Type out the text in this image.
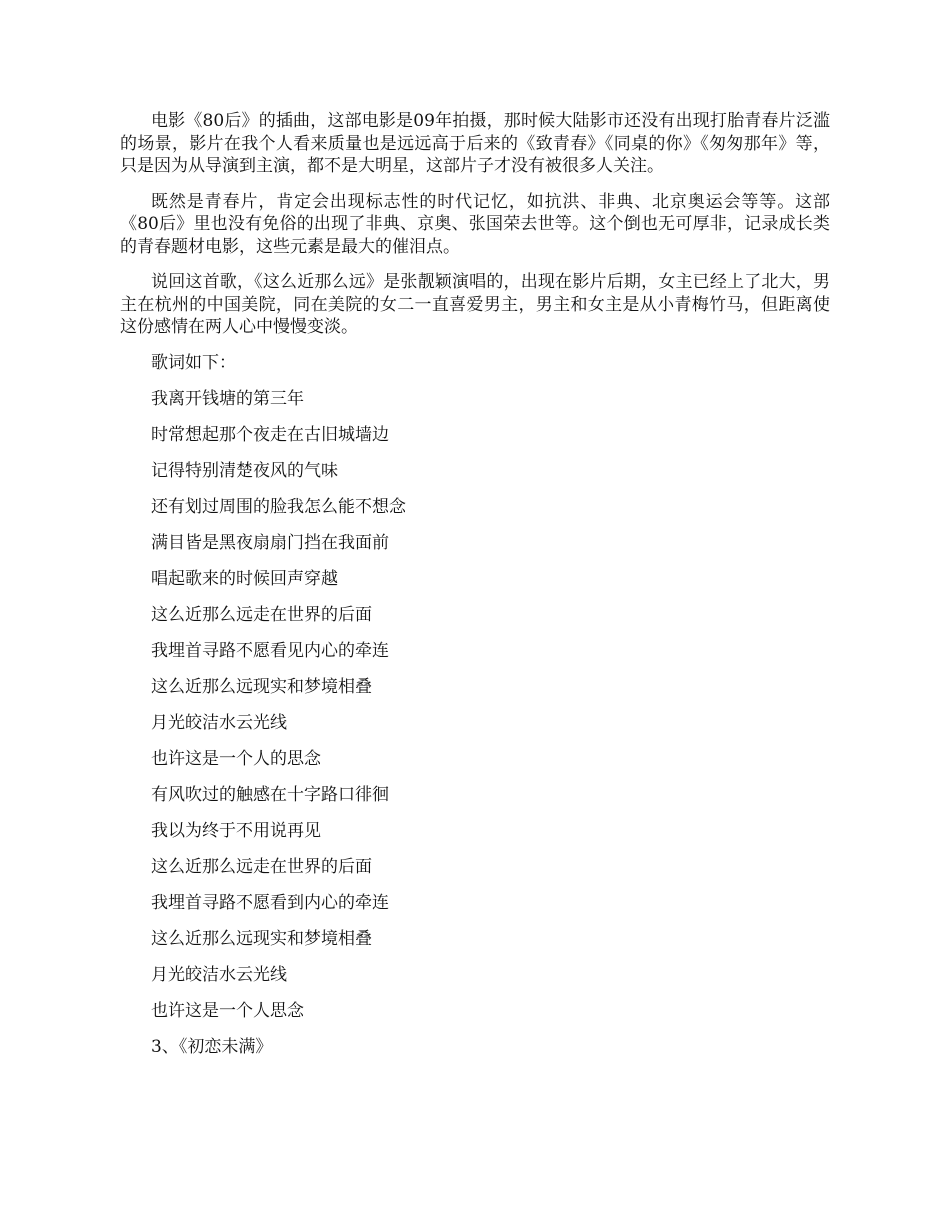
电影《80后》的插曲，这部电影是09年拍摄，那时候大陆影市还没有出现打胎青春片泛滥的场景，影片在我个人看来质量也是远远高于后来的《致青春》《同桌的你》《匆匆那年》等，只是因为从导演到主演，都不是大明星，这部片子才没有被很多人关注。

既然是青春片，肯定会出现标志性的时代记忆，如抗洪、非典、北京奥运会等等。这部《80后》里也没有免俗的出现了非典、京奥、张国荣去世等。这个倒也无可厚非，记录成长类的青春题材电影，这些元素是最大的催泪点。

说回这首歌，《这么近那么远》是张靓颖演唱的，出现在影片后期，女主已经上了北大，男主在杭州的中国美院，同在美院的女二一直喜爱男主，男主和女主是从小青梅竹马，但距离使这份感情在两人心中慢慢变淡。

歌词如下：
我离开钱塘的第三年
时常想起那个夜走在古旧城墙边
记得特别清楚夜风的气味
还有划过周围的脸我怎么能不想念
满目皆是黑夜扇扇门挡在我面前
唱起歌来的时候回声穿越
这么近那么远走在世界的后面
我埋首寻路不愿看见内心的牵连
这么近那么远现实和梦境相叠
月光皎洁水云光线
也许这是一个人的思念
有风吹过的触感在十字路口徘徊
我以为终于不用说再见
这么近那么远走在世界的后面
我埋首寻路不愿看到内心的牵连
这么近那么远现实和梦境相叠
月光皎洁水云光线
也许这是一个人思念
3、《初恋未满》
